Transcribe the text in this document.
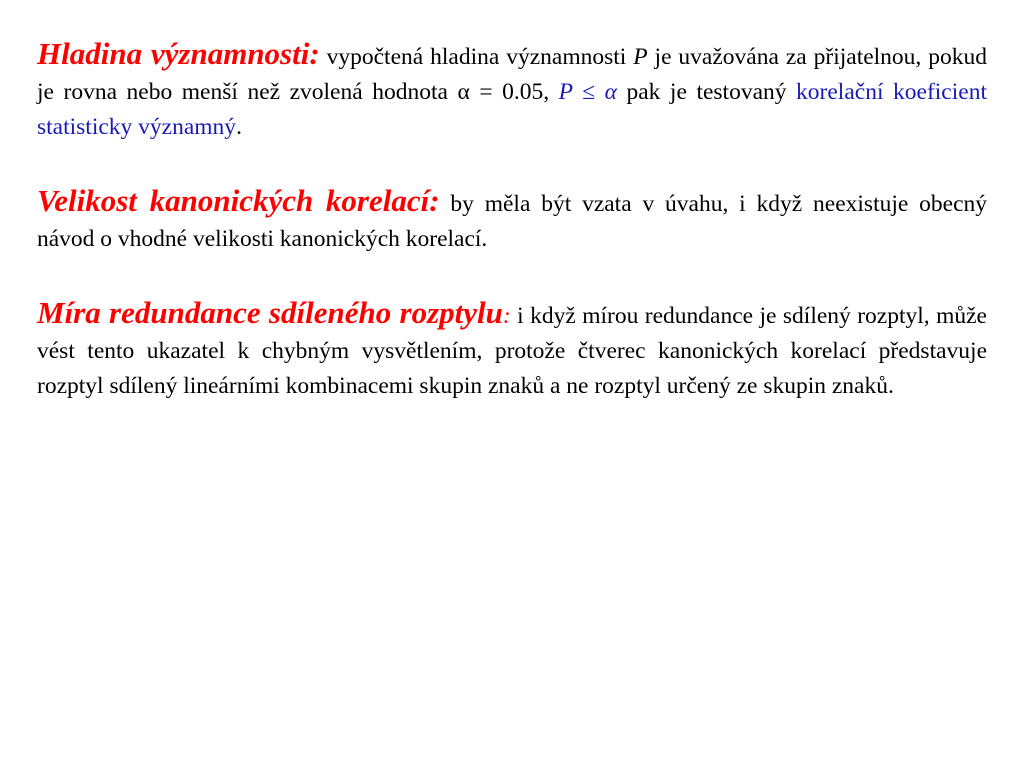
Hladina významnosti: vypočtená hladina významnosti P je uvažována za přijatelnou, pokud je rovna nebo menší než zvolená hodnota α = 0.05, P ≤ α pak je testovaný korelační koeficient statisticky významný.

Velikost kanonických korelací: by měla být vzata v úvahu, i když neexistuje obecný návod o vhodné velikosti kanonických korelací.

Míra redundance sdíleného rozptylu: i když mírou redundance je sdílený rozptyl, může vést tento ukazatel k chybným vysvětlením, protože čtverec kanonických korelací představuje rozptyl sdílený lineárními kombinacemi skupin znaků a ne rozptyl určený ze skupin znaků.
